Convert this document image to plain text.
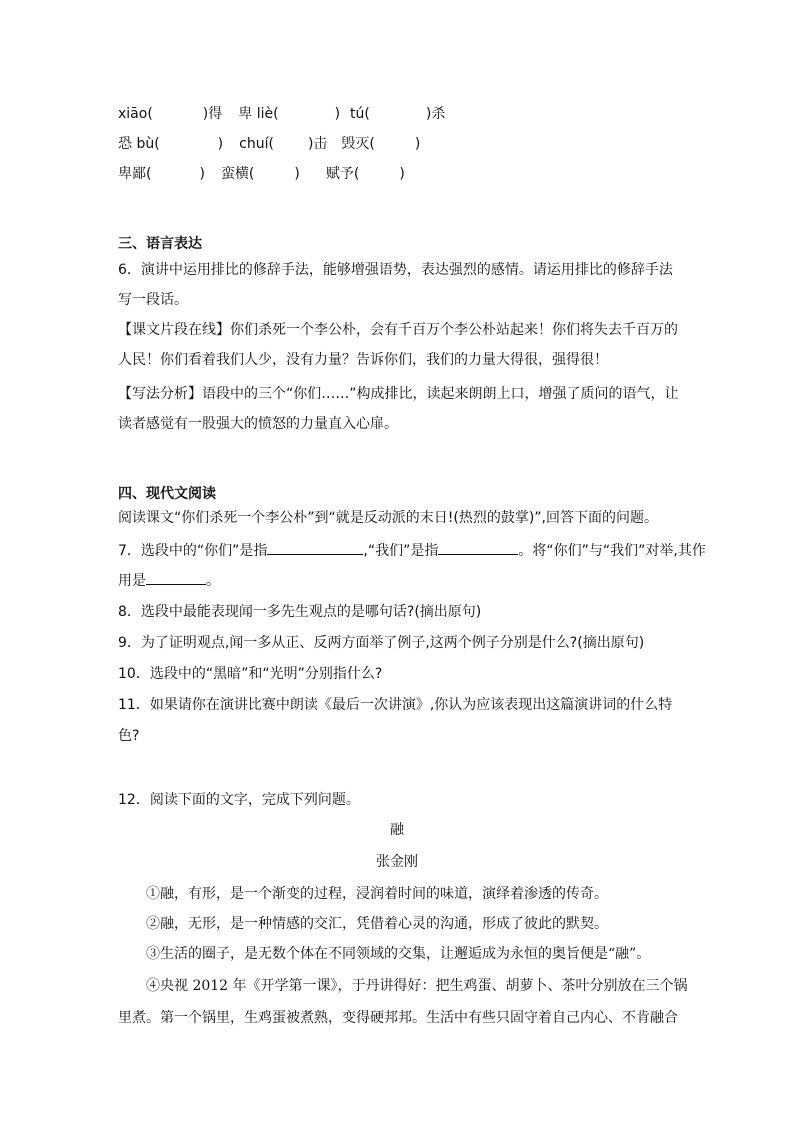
xiāo(	)得 卑 liè(	) tú(	)杀
恐 bù(	) chuí( )击 毁灭(	)
卑鄙(	) 蛮横(	) 赋予(	)
三、语言表达
6．演讲中运用排比的修辞手法，能够增强语势，表达强烈的感情。请运用排比的修辞手法
写一段话。
【课文片段在线】你们杀死一个李公朴，会有千百万个李公朴站起来！你们将失去千百万的
人民！你们看着我们人少，没有力量？告诉你们，我们的力量大得很，强得很！
【写法分析】语段中的三个“你们……”构成排比，读起来朗朗上口，增强了质问的语气，让
读者感觉有一股强大的愤怒的力量直入心扉。
四、现代文阅读
阅读课文“你们杀死一个李公朴”到“就是反动派的末日!(热烈的鼓掌)”,回答下面的问题。
7．选段中的“你们”是指	,“我们”是指	。将“你们”与“我们”对举,其作
用是	。
8．选段中最能表现闻一多先生观点的是哪句话?(摘出原句)
9．为了证明观点,闻一多从正、反两方面举了例子,这两个例子分别是什么?(摘出原句)
10．选段中的“黑暗”和“光明”分别指什么?
11．如果请你在演讲比赛中朗读《最后一次讲演》,你认为应该表现出这篇演讲词的什么特
色?
12．阅读下面的文字，完成下列问题。
融
张金刚
①融，有形，是一个渐变的过程，浸润着时间的味道，演绎着渗透的传奇。
②融，无形，是一种情感的交汇，凭借着心灵的沟通，形成了彼此的默契。
③生活的圈子，是无数个体在不同领域的交集，让邂逅成为永恒的奥旨便是“融”。
④央视 2012 年《开学第一课》，于丹讲得好：把生鸡蛋、胡萝卜、茶叶分别放在三个锅
里煮。第一个锅里，生鸡蛋被煮熟，变得硬邦邦。生活中有些只固守着自己内心、不肯融合
